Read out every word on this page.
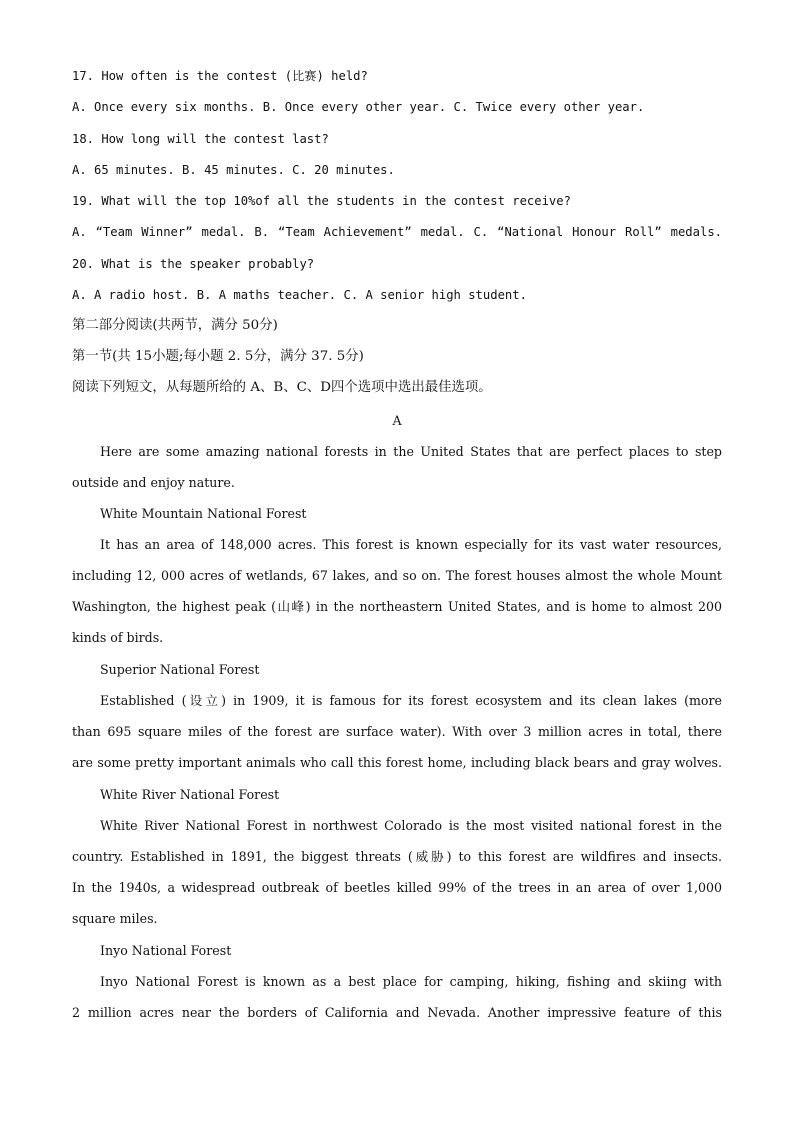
17. How often is the contest (比赛) held?
A. Once every six months. B. Once every other year. C. Twice every other year.
18. How long will the contest last?
A. 65 minutes. B. 45 minutes. C. 20 minutes.
19. What will the top 10%of all the students in the contest receive?
A. “Team Winner” medal. B. “Team Achievement” medal. C. “National Honour Roll” medals.
20. What is the speaker probably?
A. A radio host. B. A maths teacher. C. A senior high student.
第二部分阅读(共两节，满分 50分)
第一节(共 15小题;每小题 2. 5分，满分 37. 5分)
阅读下列短文，从每题所给的 A、B、C、D四个选项中选出最佳选项。
A
Here are some amazing national forests in the United States that are perfect places to step
outside and enjoy nature.
White Mountain National Forest
It has an area of 148,000 acres. This forest is known especially for its vast water resources,
including 12, 000 acres of wetlands, 67 lakes, and so on. The forest houses almost the whole Mount
Washington, the highest peak (山峰) in the northeastern United States, and is home to almost 200
kinds of birds.
Superior National Forest
Established (设立) in 1909, it is famous for its forest ecosystem and its clean lakes (more
than 695 square miles of the forest are surface water). With over 3 million acres in total, there
are some pretty important animals who call this forest home, including black bears and gray wolves.
White River National Forest
White River National Forest in northwest Colorado is the most visited national forest in the
country. Established in 1891, the biggest threats (威胁) to this forest are wildfires and insects.
In the 1940s, a widespread outbreak of beetles killed 99% of the trees in an area of over 1,000
square miles.
Inyo National Forest
Inyo National Forest is known as a best place for camping, hiking, fishing and skiing with
2 million acres near the borders of California and Nevada. Another impressive feature of this
